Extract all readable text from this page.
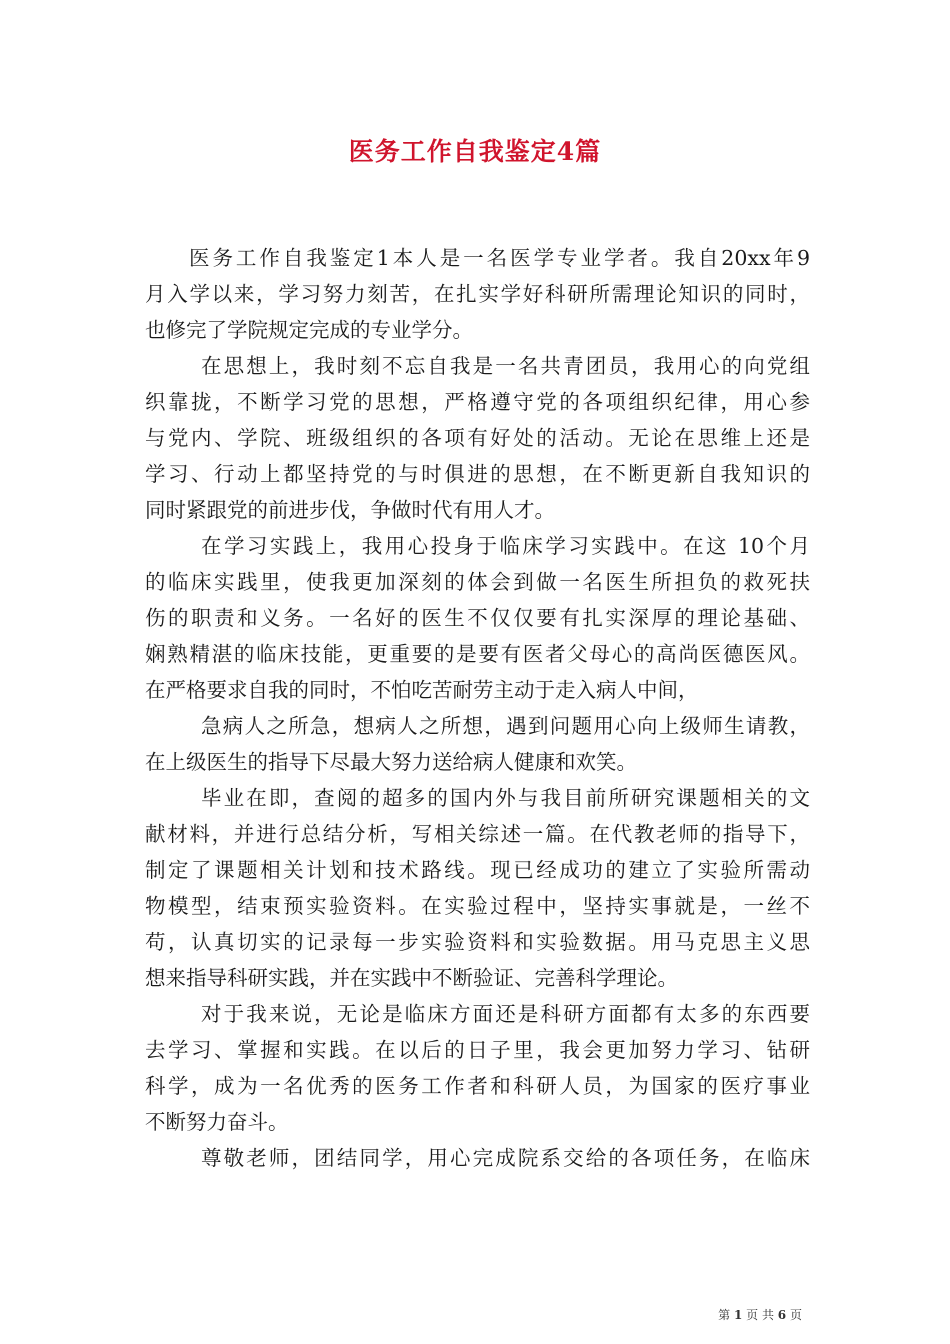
医务工作自我鉴定4篇
医务工作自我鉴定1本人是一名医学专业学者。我自20xx年9
月入学以来，学习努力刻苦，在扎实学好科研所需理论知识的同时，
也修完了学院规定完成的专业学分。
在思想上，我时刻不忘自我是一名共青团员，我用心的向党组
织靠拢，不断学习党的思想，严格遵守党的各项组织纪律，用心参
与党内、学院、班级组织的各项有好处的活动。无论在思维上还是
学习、行动上都坚持党的与时俱进的思想，在不断更新自我知识的
同时紧跟党的前进步伐，争做时代有用人才。
在学习实践上，我用心投身于临床学习实践中。在这 10个月
的临床实践里，使我更加深刻的体会到做一名医生所担负的救死扶
伤的职责和义务。一名好的医生不仅仅要有扎实深厚的理论基础、
娴熟精湛的临床技能，更重要的是要有医者父母心的高尚医德医风。
在严格要求自我的同时，不怕吃苦耐劳主动于走入病人中间，
急病人之所急，想病人之所想，遇到问题用心向上级师生请教，
在上级医生的指导下尽最大努力送给病人健康和欢笑。
毕业在即，查阅的超多的国内外与我目前所研究课题相关的文
献材料，并进行总结分析，写相关综述一篇。在代教老师的指导下，
制定了课题相关计划和技术路线。现已经成功的建立了实验所需动
物模型，结束预实验资料。在实验过程中，坚持实事就是，一丝不
苟，认真切实的记录每一步实验资料和实验数据。用马克思主义思
想来指导科研实践，并在实践中不断验证、完善科学理论。
对于我来说，无论是临床方面还是科研方面都有太多的东西要
去学习、掌握和实践。在以后的日子里，我会更加努力学习、钻研
科学，成为一名优秀的医务工作者和科研人员，为国家的医疗事业
不断努力奋斗。
尊敬老师，团结同学，用心完成院系交给的各项任务，在临床
第 1 页 共 6 页
